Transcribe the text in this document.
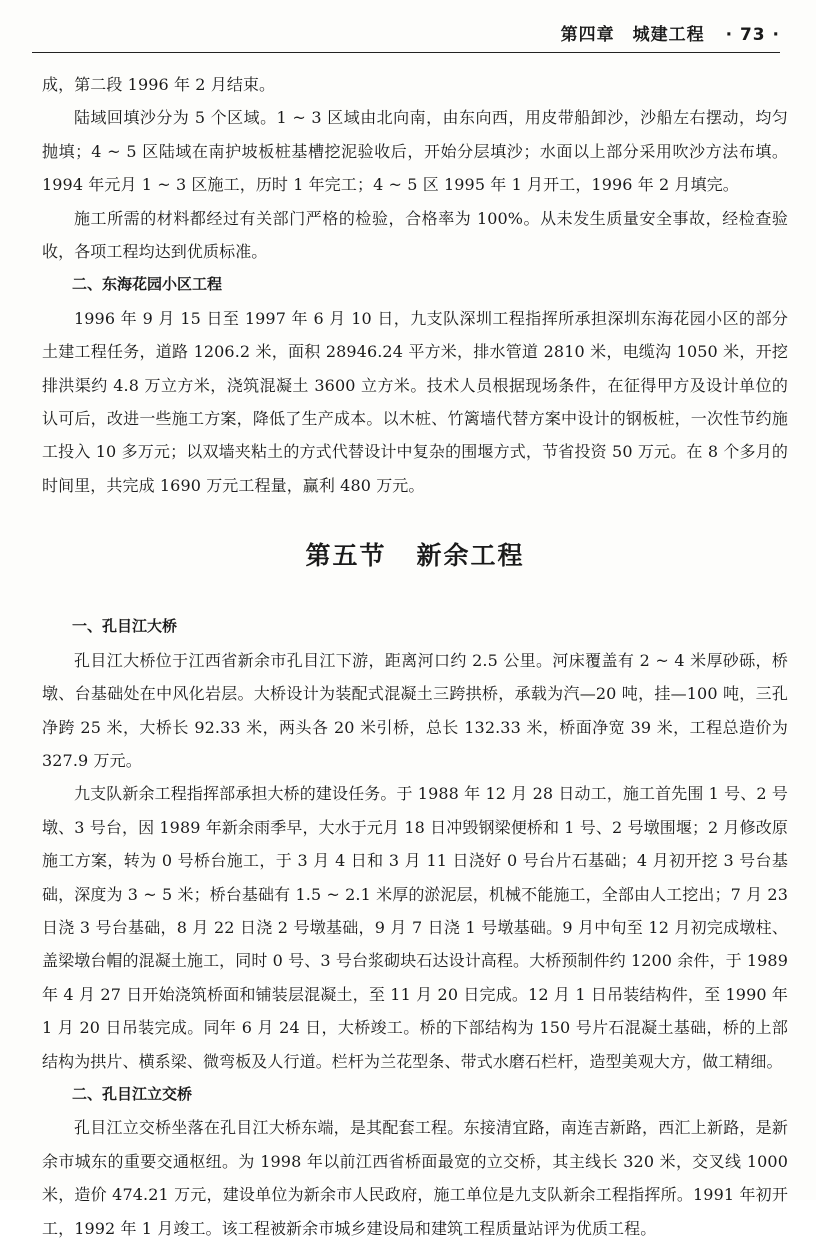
第四章　城建工程 · 73 ·

成，第二段 1996 年 2 月结束。

陆域回填沙分为 5 个区域。1 ~ 3 区域由北向南，由东向西，用皮带船卸沙，沙船左右摆动，均匀抛填；4 ~ 5 区陆域在南护坡板桩基槽挖泥验收后，开始分层填沙；水面以上部分采用吹沙方法布填。1994 年元月 1 ~ 3 区施工，历时 1 年完工；4 ~ 5 区 1995 年 1 月开工，1996 年 2 月填完。

施工所需的材料都经过有关部门严格的检验，合格率为 100%。从未发生质量安全事故，经检查验收，各项工程均达到优质标准。

二、东海花园小区工程

1996 年 9 月 15 日至 1997 年 6 月 10 日，九支队深圳工程指挥所承担深圳东海花园小区的部分土建工程任务，道路 1206.2 米，面积 28946.24 平方米，排水管道 2810 米，电缆沟 1050 米，开挖排洪渠约 4.8 万立方米，浇筑混凝土 3600 立方米。技术人员根据现场条件，在征得甲方及设计单位的认可后，改进一些施工方案，降低了生产成本。以木桩、竹篱墙代替方案中设计的钢板桩，一次性节约施工投入 10 多万元；以双墙夹粘土的方式代替设计中复杂的围堰方式，节省投资 50 万元。在 8 个多月的时间里，共完成 1690 万元工程量，赢利 480 万元。

第五节 新余工程
一、孔目江大桥

孔目江大桥位于江西省新余市孔目江下游，距离河口约 2.5 公里。河床覆盖有 2 ~ 4 米厚砂砾，桥墩、台基础处在中风化岩层。大桥设计为装配式混凝土三跨拱桥，承载为汽—20 吨，挂—100 吨，三孔净跨 25 米，大桥长 92.33 米，两头各 20 米引桥，总长 132.33 米，桥面净宽 39 米，工程总造价为 327.9 万元。

九支队新余工程指挥部承担大桥的建设任务。于 1988 年 12 月 28 日动工，施工首先围 1 号、2 号墩、3 号台，因 1989 年新余雨季早，大水于元月 18 日冲毁钢梁便桥和 1 号、2 号墩围堰；2 月修改原施工方案，转为 0 号桥台施工，于 3 月 4 日和 3 月 11 日浇好 0 号台片石基础；4 月初开挖 3 号台基础，深度为 3 ~ 5 米；桥台基础有 1.5 ~ 2.1 米厚的淤泥层，机械不能施工，全部由人工挖出；7 月 23 日浇 3 号台基础，8 月 22 日浇 2 号墩基础，9 月 7 日浇 1 号墩基础。9 月中旬至 12 月初完成墩柱、盖梁墩台帽的混凝土施工，同时 0 号、3 号台浆砌块石达设计高程。大桥预制件约 1200 余件，于 1989 年 4 月 27 日开始浇筑桥面和铺装层混凝土，至 11 月 20 日完成。12 月 1 日吊装结构件，至 1990 年 1 月 20 日吊装完成。同年 6 月 24 日，大桥竣工。桥的下部结构为 150 号片石混凝土基础，桥的上部结构为拱片、横系梁、微弯板及人行道。栏杆为兰花型条、带式水磨石栏杆，造型美观大方，做工精细。

二、孔目江立交桥

孔目江立交桥坐落在孔目江大桥东端，是其配套工程。东接清宜路，南连吉新路，西汇上新路，是新余市城东的重要交通枢纽。为 1998 年以前江西省桥面最宽的立交桥，其主线长 320 米，交叉线 1000 米，造价 474.21 万元，建设单位为新余市人民政府，施工单位是九支队新余工程指挥所。1991 年初开工，1992 年 1 月竣工。该工程被新余市城乡建设局和建筑工程质量站评为优质工程。
